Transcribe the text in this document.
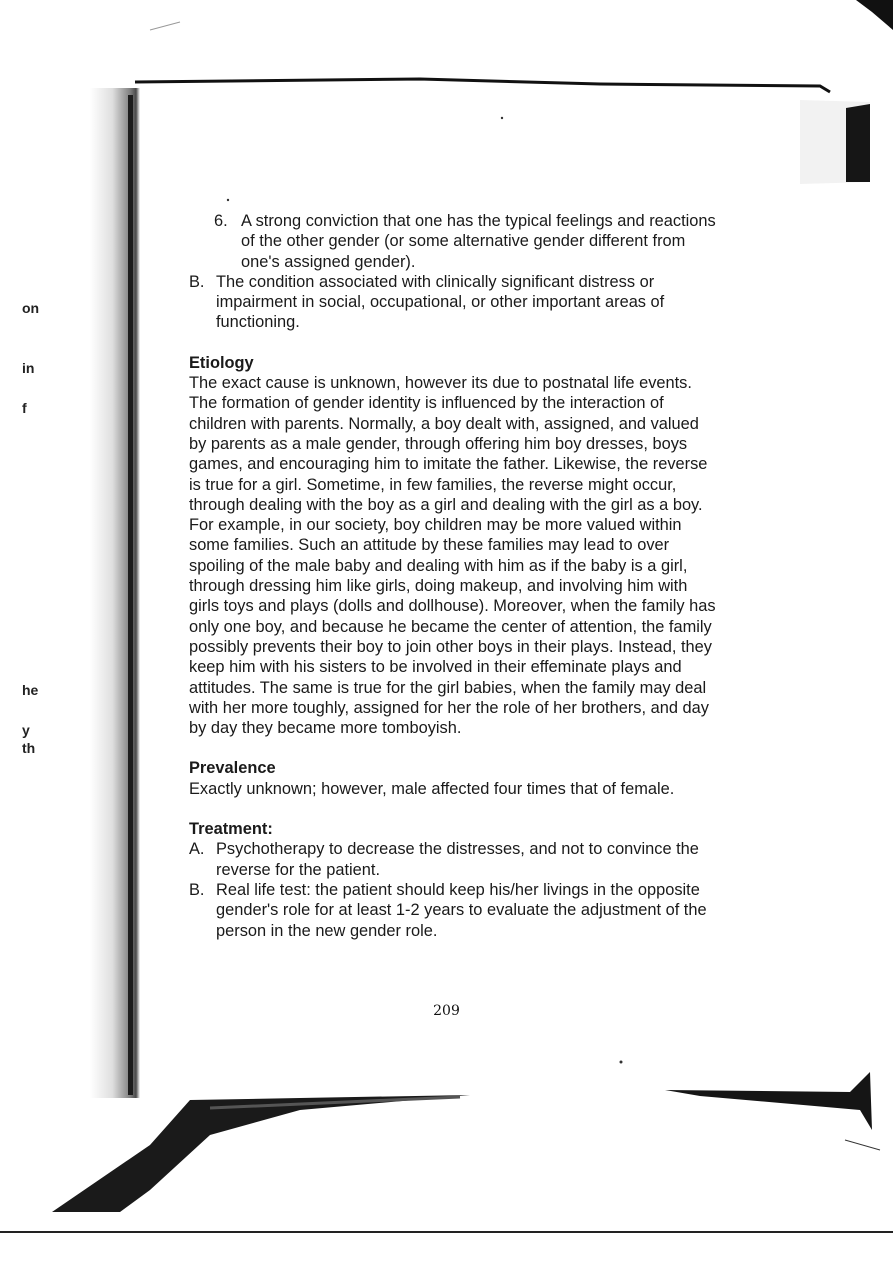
оn
іn
f
he
y
th
6. A strong conviction that one has the typical feelings and reactions of the other gender (or some alternative gender different from one's assigned gender).
B. The condition associated with clinically significant distress or impairment in social, occupational, or other important areas of functioning.

Etiology

The exact cause is unknown, however its due to postnatal life events. The formation of gender identity is influenced by the interaction of children with parents. Normally, a boy dealt with, assigned, and valued by parents as a male gender, through offering him boy dresses, boys games, and encouraging him to imitate the father. Likewise, the reverse is true for a girl. Sometime, in few families, the reverse might occur, through dealing with the boy as a girl and dealing with the girl as a boy. For example, in our society, boy children may be more valued within some families. Such an attitude by these families may lead to over spoiling of the male baby and dealing with him as if the baby is a girl, through dressing him like girls, doing makeup, and involving him with girls toys and plays (dolls and dollhouse). Moreover, when the family has only one boy, and because he became the center of attention, the family possibly prevents their boy to join other boys in their plays. Instead, they keep him with his sisters to be involved in their effeminate plays and attitudes. The same is true for the girl babies, when the family may deal with her more toughly, assigned for her the role of her brothers, and day by day they became more tomboyish.

Prevalence

Exactly unknown; however, male affected four times that of female.

Treatment:

A. Psychotherapy to decrease the distresses, and not to convince the reverse for the patient.
B. Real life test: the patient should keep his/her livings in the opposite gender's role for at least 1-2 years to evaluate the adjustment of the person in the new gender role.
209
